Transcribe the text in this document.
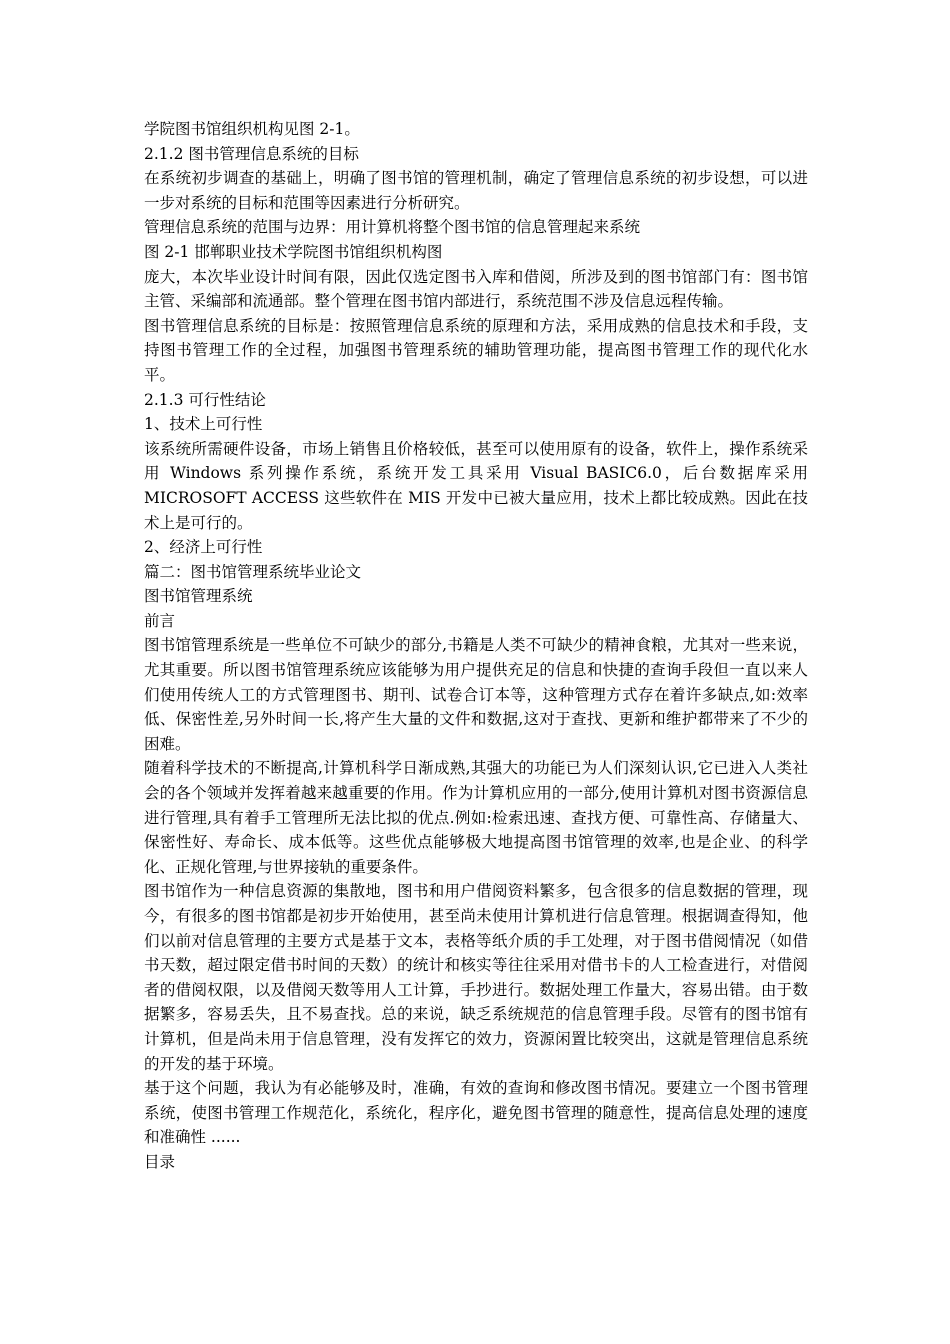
学院图书馆组织机构见图 2-1。

2.1.2 图书管理信息系统的目标

在系统初步调查的基础上，明确了图书馆的管理机制，确定了管理信息系统的初步设想，可以进一步对系统的目标和范围等因素进行分析研究。

管理信息系统的范围与边界：用计算机将整个图书馆的信息管理起来系统

图 2-1 邯郸职业技术学院图书馆组织机构图

庞大，本次毕业设计时间有限，因此仅选定图书入库和借阅，所涉及到的图书馆部门有：图书馆主管、采编部和流通部。整个管理在图书馆内部进行，系统范围不涉及信息远程传输。

图书管理信息系统的目标是：按照管理信息系统的原理和方法，采用成熟的信息技术和手段，支持图书管理工作的全过程，加强图书管理系统的辅助管理功能，提高图书管理工作的现代化水平。

2.1.3 可行性结论

1、技术上可行性

该系统所需硬件设备，市场上销售且价格较低，甚至可以使用原有的设备，软件上，操作系统采用 Windows 系列操作系统，系统开发工具采用 Visual BASIC6.0，后台数据库采用 MICROSOFT ACCESS 这些软件在 MIS 开发中已被大量应用，技术上都比较成熟。因此在技术上是可行的。

2、经济上可行性

篇二：图书馆管理系统毕业论文

图书馆管理系统

前言

图书馆管理系统是一些单位不可缺少的部分,书籍是人类不可缺少的精神食粮，尤其对一些来说，尤其重要。所以图书馆管理系统应该能够为用户提供充足的信息和快捷的查询手段但一直以来人们使用传统人工的方式管理图书、期刊、试卷合订本等，这种管理方式存在着许多缺点,如:效率低、保密性差,另外时间一长,将产生大量的文件和数据,这对于查找、更新和维护都带来了不少的困难。

随着科学技术的不断提高,计算机科学日渐成熟,其强大的功能已为人们深刻认识,它已进入人类社会的各个领域并发挥着越来越重要的作用。作为计算机应用的一部分,使用计算机对图书资源信息进行管理,具有着手工管理所无法比拟的优点.例如:检索迅速、查找方便、可靠性高、存储量大、保密性好、寿命长、成本低等。这些优点能够极大地提高图书馆管理的效率,也是企业、的科学化、正规化管理,与世界接轨的重要条件。

图书馆作为一种信息资源的集散地，图书和用户借阅资料繁多，包含很多的信息数据的管理，现今，有很多的图书馆都是初步开始使用，甚至尚未使用计算机进行信息管理。根据调查得知，他们以前对信息管理的主要方式是基于文本，表格等纸介质的手工处理，对于图书借阅情况（如借书天数，超过限定借书时间的天数）的统计和核实等往往采用对借书卡的人工检查进行，对借阅者的借阅权限，以及借阅天数等用人工计算，手抄进行。数据处理工作量大，容易出错。由于数据繁多，容易丢失，且不易查找。总的来说，缺乏系统规范的信息管理手段。尽管有的图书馆有计算机，但是尚未用于信息管理，没有发挥它的效力，资源闲置比较突出，这就是管理信息系统的开发的基于环境。

基于这个问题，我认为有必能够及时，准确，有效的查询和修改图书情况。要建立一个图书管理系统，使图书管理工作规范化，系统化，程序化，避免图书管理的随意性，提高信息处理的速度和准确性 ......

目录
